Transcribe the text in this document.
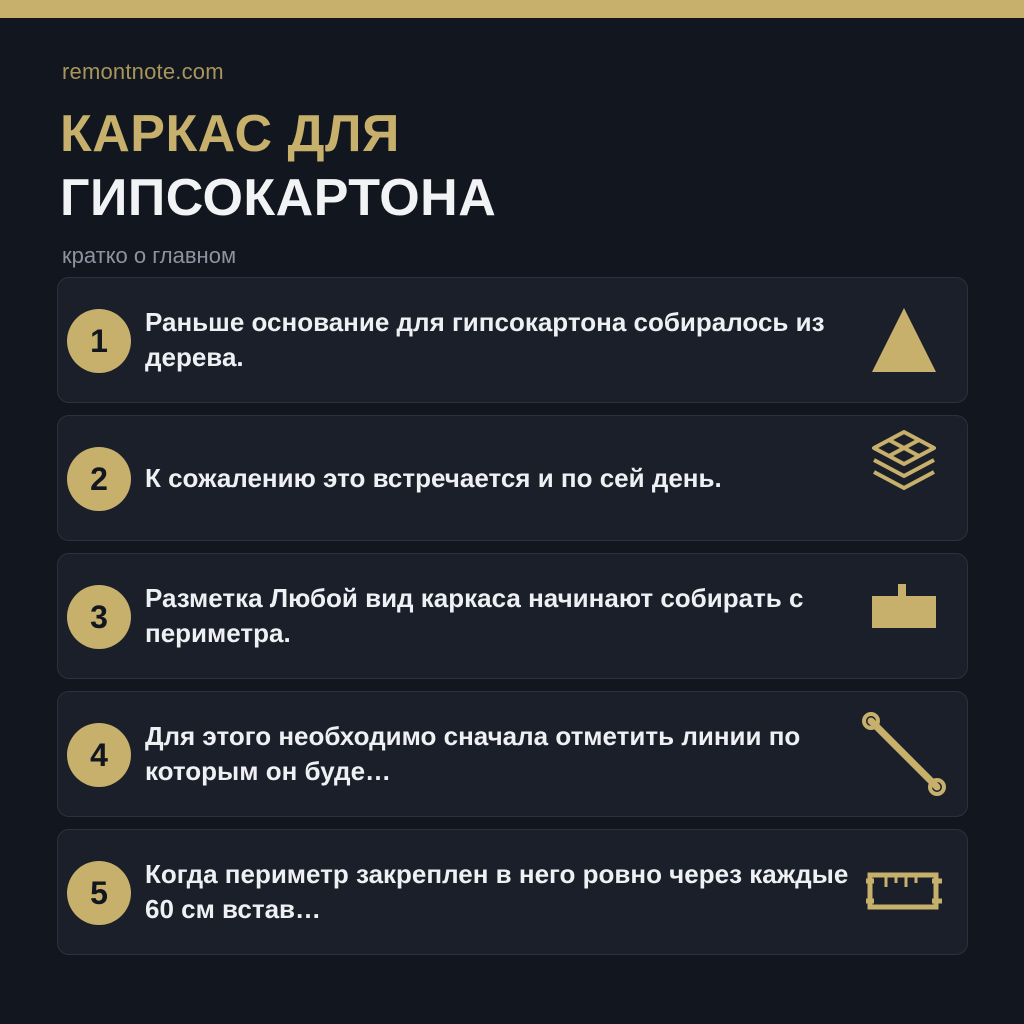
remontnote.com
КАРКАС ДЛЯ
ГИПСОКАРТОНА
кратко о главном
1
Раньше основание для гипсокартона собиралось из дерева.
2	К сожалению это встречается и по сей день.
3
Разметка Любой вид каркаса начинают собирать с периметра.
4
Для этого необходимо сначала отметить линии по которым он буде…
5
Когда периметр закреплен в него ровно через каждые 60 см встав…
